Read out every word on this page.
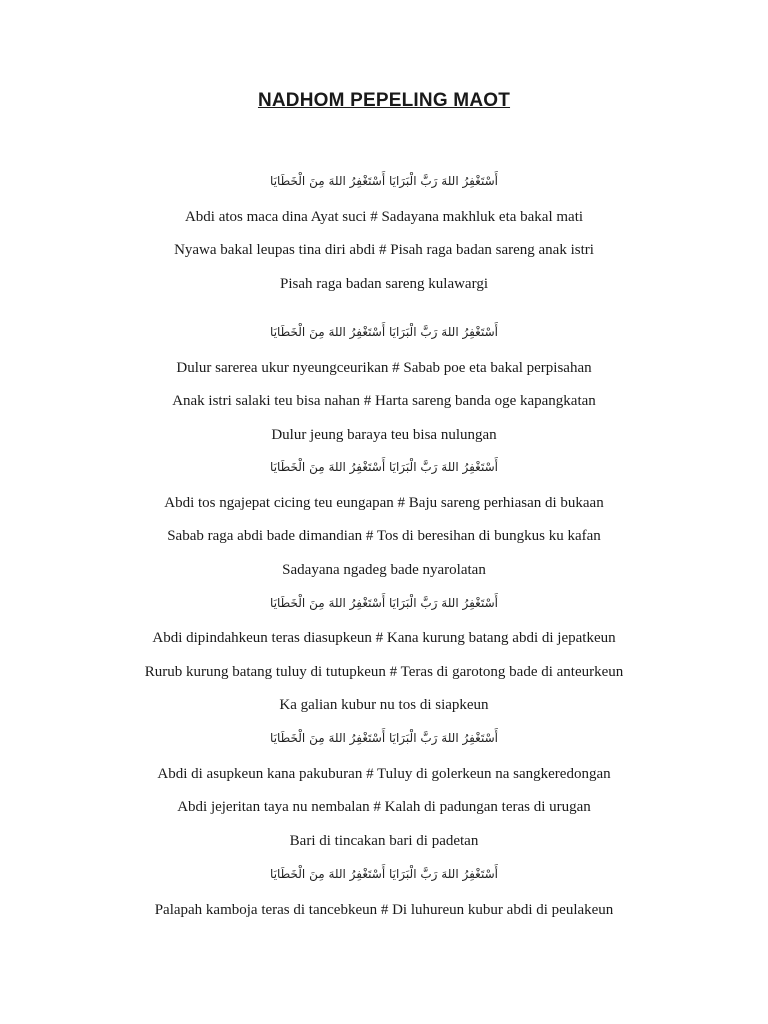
NADHOM PEPELING MAOT
أَسْتَغْفِرُ اللهَ رَبَّ الْبَرَايَا أَسْتَغْفِرُ اللهَ مِنَ الْخَطَايَا
Abdi atos maca dina Ayat suci # Sadayana makhluk eta bakal mati
Nyawa bakal leupas tina diri abdi # Pisah raga badan sareng anak istri
Pisah raga badan sareng kulawargi
أَسْتَغْفِرُ اللهَ رَبَّ الْبَرَايَا أَسْتَغْفِرُ اللهَ مِنَ الْخَطَايَا
Dulur sarerea ukur nyeungceurikan # Sabab poe eta bakal perpisahan
Anak istri salaki teu bisa nahan # Harta sareng banda oge kapangkatan
Dulur jeung baraya teu bisa nulungan
أَسْتَغْفِرُ اللهَ رَبَّ الْبَرَايَا أَسْتَغْفِرُ اللهَ مِنَ الْخَطَايَا
Abdi tos ngajepat cicing teu eungapan # Baju sareng perhiasan di bukaan
Sabab raga abdi bade dimandian # Tos di beresihan di bungkus ku kafan
Sadayana ngadeg bade nyarolatan
أَسْتَغْفِرُ اللهَ رَبَّ الْبَرَايَا أَسْتَغْفِرُ اللهَ مِنَ الْخَطَايَا
Abdi dipindahkeun teras diasupkeun # Kana kurung batang abdi di jepatkeun
Rurub kurung batang tuluy di tutupkeun # Teras di garotong bade di anteurkeun
Ka galian kubur nu tos di siapkeun
أَسْتَغْفِرُ اللهَ رَبَّ الْبَرَايَا أَسْتَغْفِرُ اللهَ مِنَ الْخَطَايَا
Abdi di asupkeun kana pakuburan # Tuluy di golerkeun na sangkeredongan
Abdi jejeritan taya nu nembalan # Kalah di padungan teras di urugan
Bari di tincakan bari di padetan
أَسْتَغْفِرُ اللهَ رَبَّ الْبَرَايَا أَسْتَغْفِرُ اللهَ مِنَ الْخَطَايَا
Palapah kamboja teras di tancebkeun # Di luhureun kubur abdi di peulakeun
